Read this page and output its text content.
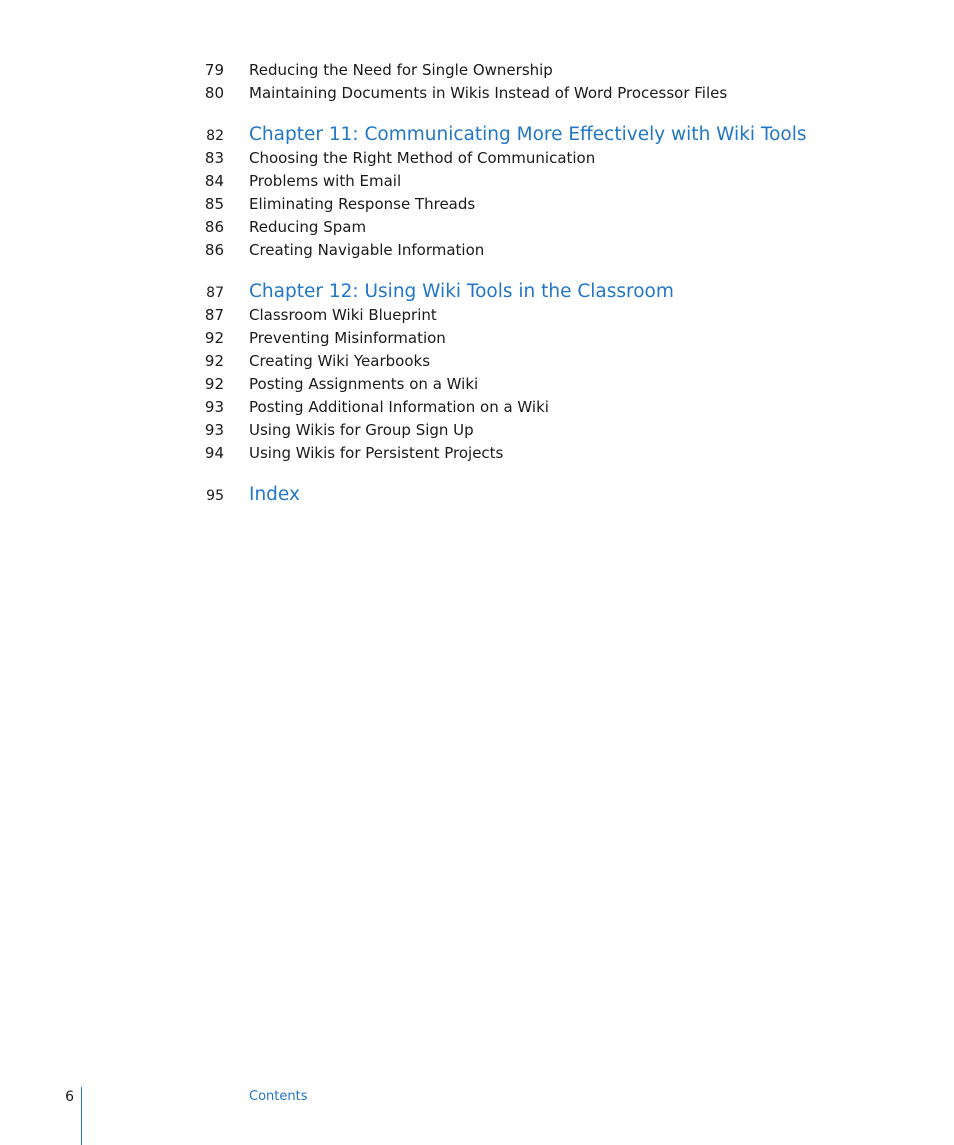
79 Reducing the Need for Single Ownership
80 Maintaining Documents in Wikis Instead of Word Processor Files
82 Chapter 11: Communicating More Effectively with Wiki Tools
83 Choosing the Right Method of Communication
84 Problems with Email
85 Eliminating Response Threads
86 Reducing Spam
86 Creating Navigable Information
87 Chapter 12: Using Wiki Tools in the Classroom
87 Classroom Wiki Blueprint
92 Preventing Misinformation
92 Creating Wiki Yearbooks
92 Posting Assignments on a Wiki
93 Posting Additional Information on a Wiki
93 Using Wikis for Group Sign Up
94 Using Wikis for Persistent Projects
95 Index
6	Contents
